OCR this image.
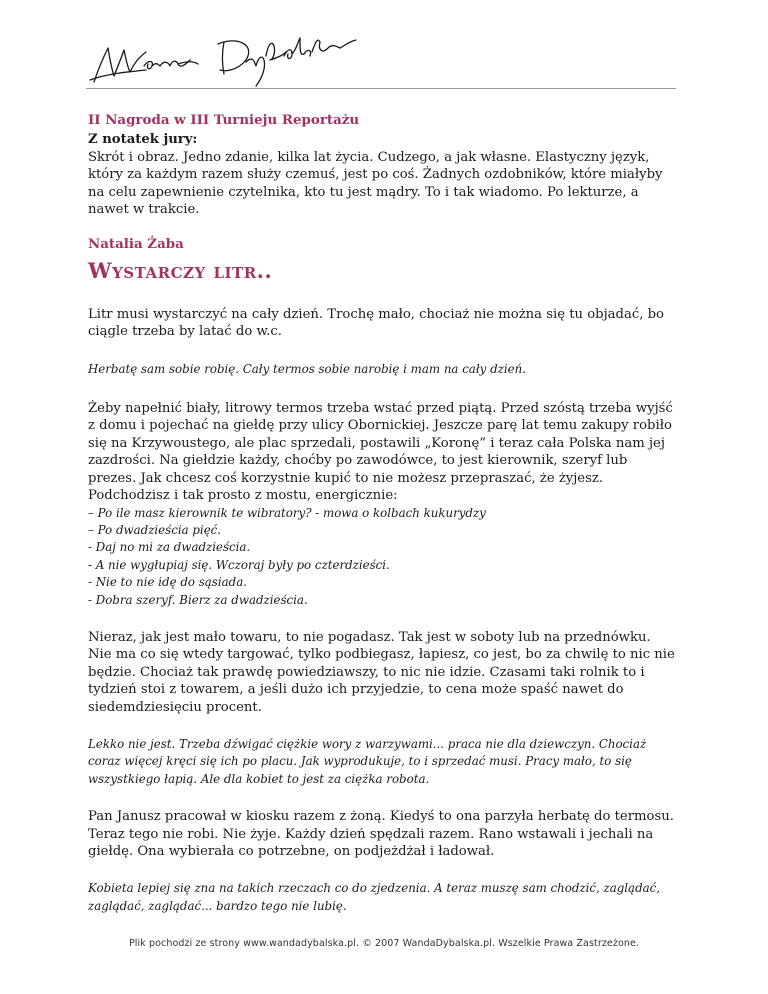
II Nagroda w III Turnieju Reportażu

Z notatek jury:

Skrót i obraz. Jedno zdanie, kilka lat życia. Cudzego, a jak własne. Elastyczny język, który za każdym razem służy czemuś, jest po coś. Żadnych ozdobników, które miałyby na celu zapewnienie czytelnika, kto tu jest mądry. To i tak wiadomo. Po lekturze, a nawet w trakcie.

Natalia Żaba
Wystarczy litr..

Litr musi wystarczyć na cały dzień. Trochę mało, chociaż nie można się tu objadać, bo ciągle trzeba by latać do w.c.

Herbatę sam sobie robię. Cały termos sobie narobię i mam na cały dzień.

Żeby napełnić biały, litrowy termos trzeba wstać przed piątą. Przed szóstą trzeba wyjść z domu i pojechać na giełdę przy ulicy Obornickiej. Jeszcze parę lat temu zakupy robiło się na Krzywoustego, ale plac sprzedali, postawili „Koronę” i teraz cała Polska nam jej zazdrości. Na giełdzie każdy, choćby po zawodówce, to jest kierownik, szeryf lub prezes. Jak chcesz coś korzystnie kupić to nie możesz przepraszać, że żyjesz. Podchodzisz i tak prosto z mostu, energicznie:

– Po ile masz kierownik te wibratory? - mowa o kolbach kukurydzy
– Po dwadzieścia pięć.
- Daj no mi za dwadzieścia.
- A nie wygłupiaj się. Wczoraj były po czterdzieści.
- Nie to nie idę do sąsiada.
- Dobra szeryf. Bierz za dwadzieścia.

Nieraz, jak jest mało towaru, to nie pogadasz. Tak jest w soboty lub na przednówku. Nie ma co się wtedy targować, tylko podbiegasz, łapiesz, co jest, bo za chwilę to nic nie będzie. Chociaż tak prawdę powiedziawszy, to nic nie idzie. Czasami taki rolnik to i tydzień stoi z towarem, a jeśli dużo ich przyjedzie, to cena może spaść nawet do siedemdziesięciu procent.

Lekko nie jest. Trzeba dźwigać ciężkie wory z warzywami... praca nie dla dziewczyn. Chociaż coraz więcej kręci się ich po placu. Jak wyprodukuje, to i sprzedać musi. Pracy mało, to się wszystkiego łapią. Ale dla kobiet to jest za ciężka robota.

Pan Janusz pracował w kiosku razem z żoną. Kiedyś to ona parzyła herbatę do termosu. Teraz tego nie robi. Nie żyje. Każdy dzień spędzali razem. Rano wstawali i jechali na giełdę. Ona wybierała co potrzebne, on podjeżdżał i ładował.

Kobieta lepiej się zna na takich rzeczach co do zjedzenia. A teraz muszę sam chodzić, zaglądać, zaglądać, zaglądać... bardzo tego nie lubię.

Plik pochodzi ze strony www.wandadybalska.pl. © 2007 WandaDybalska.pl. Wszelkie Prawa Zastrzeżone.
